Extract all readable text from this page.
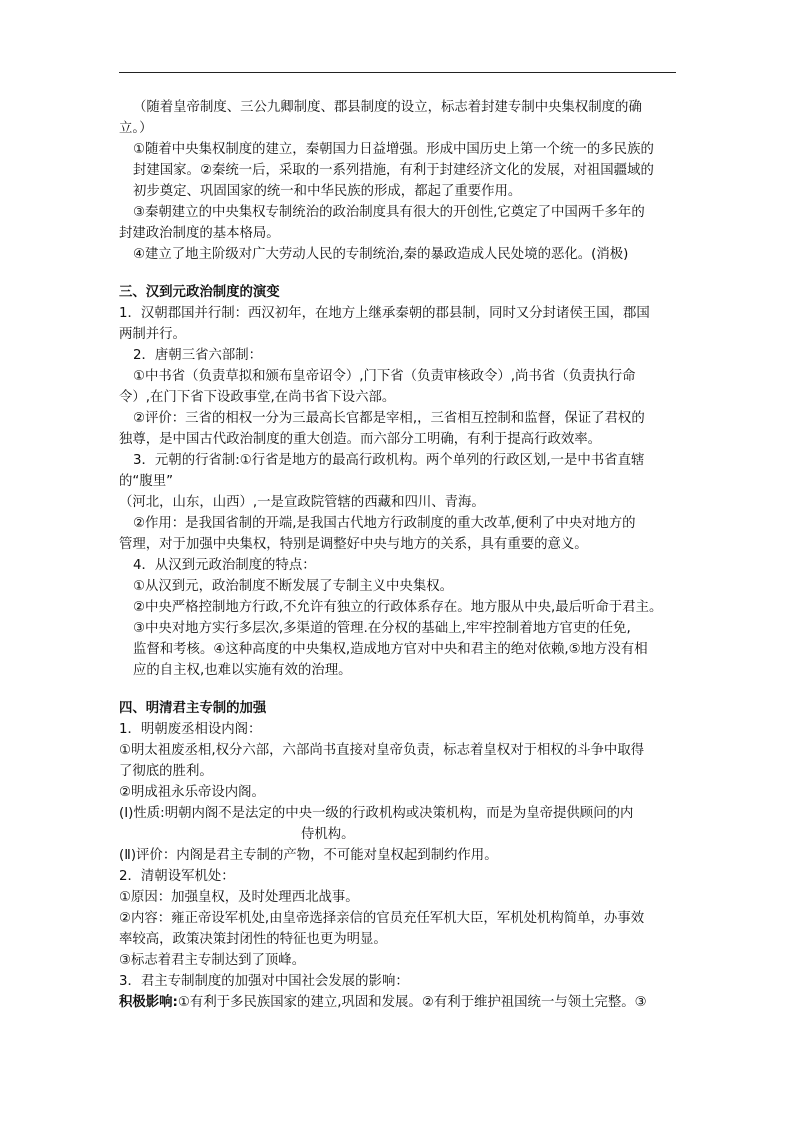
（随着皇帝制度、三公九卿制度、郡县制度的设立，标志着封建专制中央集权制度的确
立。）
①随着中央集权制度的建立，秦朝国力日益增强。形成中国历史上第一个统一的多民族的
封建国家。②秦统一后，采取的一系列措施，有利于封建经济文化的发展，对祖国疆域的
初步奠定、巩固国家的统一和中华民族的形成，都起了重要作用。
③秦朝建立的中央集权专制统治的政治制度具有很大的开创性,它奠定了中国两千多年的
封建政治制度的基本格局。
④建立了地主阶级对广大劳动人民的专制统治,秦的暴政造成人民处境的恶化。(消极)
三、汉到元政治制度的演变
1．汉朝郡国并行制：西汉初年，在地方上继承秦朝的郡县制，同时又分封诸侯王国，郡国
两制并行。
2．唐朝三省六部制：
①中书省（负责草拟和颁布皇帝诏令）,门下省（负责审核政令）,尚书省（负责执行命
令）,在门下省下设政事堂,在尚书省下设六部。
②评价：三省的相权一分为三最高长官都是宰相,，三省相互控制和监督，保证了君权的
独尊，是中国古代政治制度的重大创造。而六部分工明确，有利于提高行政效率。
3．元朝的行省制:①行省是地方的最高行政机构。两个单列的行政区划,一是中书省直辖
的“腹里”
（河北，山东，山西）,一是宣政院管辖的西藏和四川、青海。
②作用：是我国省制的开端,是我国古代地方行政制度的重大改革,便利了中央对地方的
管理，对于加强中央集权，特别是调整好中央与地方的关系，具有重要的意义。
4．从汉到元政治制度的特点：
①从汉到元，政治制度不断发展了专制主义中央集权。
②中央严格控制地方行政,不允许有独立的行政体系存在。地方服从中央,最后听命于君主。
③中央对地方实行多层次,多渠道的管理.在分权的基础上,牢牢控制着地方官吏的任免,
监督和考核。④这种高度的中央集权,造成地方官对中央和君主的绝对依赖,⑤地方没有相
应的自主权,也难以实施有效的治理。
四、明清君主专制的加强
1．明朝废丞相设内阁：
①明太祖废丞相,权分六部，六部尚书直接对皇帝负责，标志着皇权对于相权的斗争中取得
了彻底的胜利。
②明成祖永乐帝设内阁。
(Ⅰ)性质:明朝内阁不是法定的中央一级的行政机构或决策机构，而是为皇帝提供顾问的内
侍机构。
(Ⅱ)评价：内阁是君主专制的产物，不可能对皇权起到制约作用。
2．清朝设军机处：
①原因：加强皇权，及时处理西北战事。
②内容：雍正帝设军机处,由皇帝选择亲信的官员充任军机大臣，军机处机构简单，办事效
率较高，政策决策封闭性的特征也更为明显。
③标志着君主专制达到了顶峰。
3．君主专制制度的加强对中国社会发展的影响：
积极影响:①有利于多民族国家的建立,巩固和发展。②有利于维护祖国统一与领土完整。③
